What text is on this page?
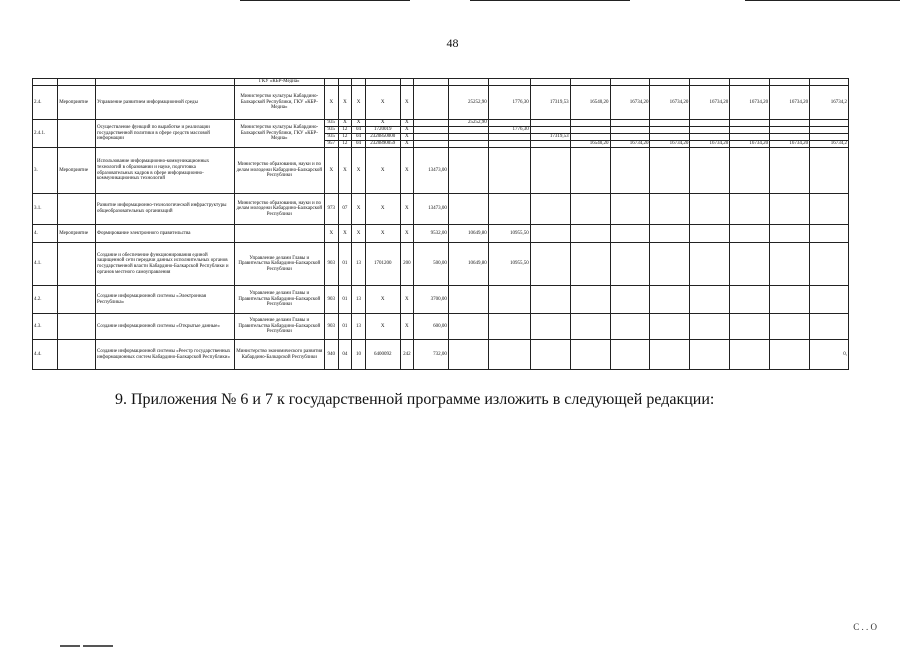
48
			ГКУ «КБР-Медиа»																
2.4.	Мероприятие	Управление развитием информационной среды	Министерство культуры Кабардино-Балкарской Республики, ГКУ «КБР-Медиа»	X	X	X	X	X		25252,90	1776,30	17319,53	16540,20	16734,20	16734,20	16734,20	16734,20	16734,20	16734,2
2.4.1.		Осуществление функций по выработке и реализации государственной политики в сфере средств массовой информации	Министерство культуры Кабардино-Балкарской Республики, ГКУ «КБР-Медиа»	935	X	X	X	X		25252,90									
				935	12	04	1720019	X			1776,30								
				935	12	04	2320850000	X				17319,53							
				957	12	04	2320890059	X					16540,20	16734,20	16734,20	16734,20	16734,20	16734,20	16734,2
3.	Мероприятие	Использование информационно-коммуникационных технологий в образовании и науке, подготовка образовательных кадров в сфере информационно-коммуникационных технологий	Министерство образования, науки и по делам молодежи Кабардино-Балкарской Республики	X	X	X	X	X	13473,00										
3.1.		Развитие информационно-технологической инфраструктуры общеобразовательных организаций	Министерство образования, науки и по делам молодежи Кабардино-Балкарской Республики	973	07	X	X	X	13473,00										
4.	Мероприятие	Формирование электронного правительства		X	X	X	X	X	9532,00	10649,80	10955,50								
4.1.		Создание и обеспечение функционирования единой защищенной сети передачи данных исполнительных органов государственной власти Кабардино-Балкарской Республики и органов местного самоуправления	Управление делами Главы и Правительства Кабардино-Балкарской Республики	903	01	13	1701200	200	500,00	10649,80	10955,50								
4.2.		Создание информационной системы «Электронная Республика»	Управление делами Главы и Правительства Кабардино-Балкарской Республики	903	01	13	X	X	3700,00										
4.3.		Создание информационной системы «Открытые данные»	Управление делами Главы и Правительства Кабардино-Балкарской Республики	903	01	13	X	X	600,00										
4.4.		Создание информационной системы «Реестр государственных информационных систем Кабардино-Балкарской Республики»	Министерство экономического развития Кабардино-Балкарской Республики	940	04	10	6400092	242	732,00										0,
9. Приложения № 6 и 7 к государственной программе изложить в следующей редакции:
С . . О
